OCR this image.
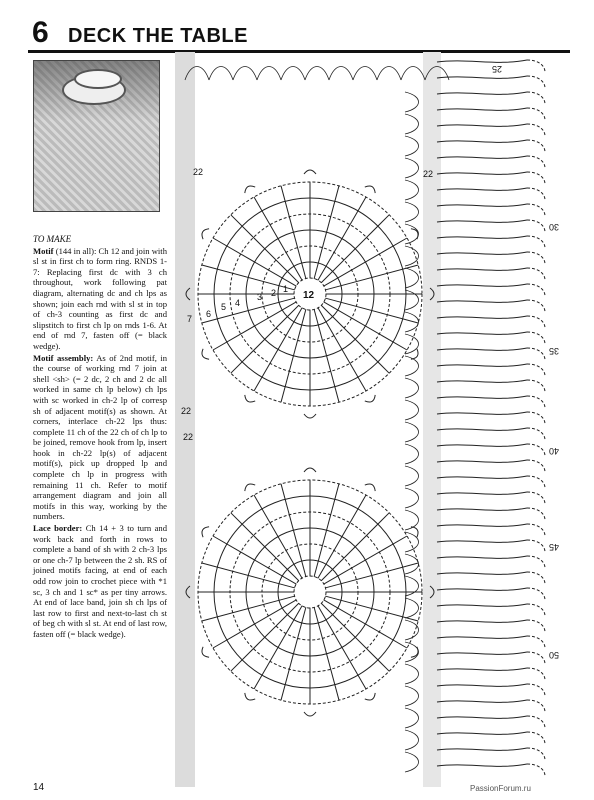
6 DECK THE TABLE

TO MAKE

Motif (144 in all): Ch 12 and join with sl st in first ch to form ring. RNDS 1-7: Replacing first dc with 3 ch throughout, work following pat diagram, alternating dc and ch lps as shown; join each rnd with sl st in top of ch-3 counting as first dc and slipstitch to first ch lp on rnds 1-6. At end of rnd 7, fasten off (= black wedge).

Motif assembly: As of 2nd motif, in the course of working rnd 7 join at shell <sh> (= 2 dc, 2 ch and 2 dc all worked in same ch lp below) ch lps with sc worked in ch-2 lp of corresp sh of adjacent motif(s) as shown. At corners, interlace ch-22 lps thus: complete 11 ch of the 22 ch of ch lp to be joined, remove hook from lp, insert hook in ch-22 lp(s) of adjacent motif(s), pick up dropped lp and complete ch lp in progress with remaining 11 ch. Refer to motif arrangement diagram and join all motifs in this way, working by the numbers.

Lace border: Ch 14 + 3 to turn and work back and forth in rows to complete a band of sh with 2 ch-3 lps or one ch-7 lp between the 2 sh. RS of joined motifs facing, at end of each odd row join to crochet piece with *1 sc, 3 ch and 1 sc* as per tiny arrows. At end of lace band, join sh ch lps of last row to first and next-to-last ch st of beg ch with sl st. At end of last row, fasten off (= black wedge).

12
1
2
3
4
5
6
7
22	22
22
22
25
30
35
40
45
50
14	PassionForum.ru
